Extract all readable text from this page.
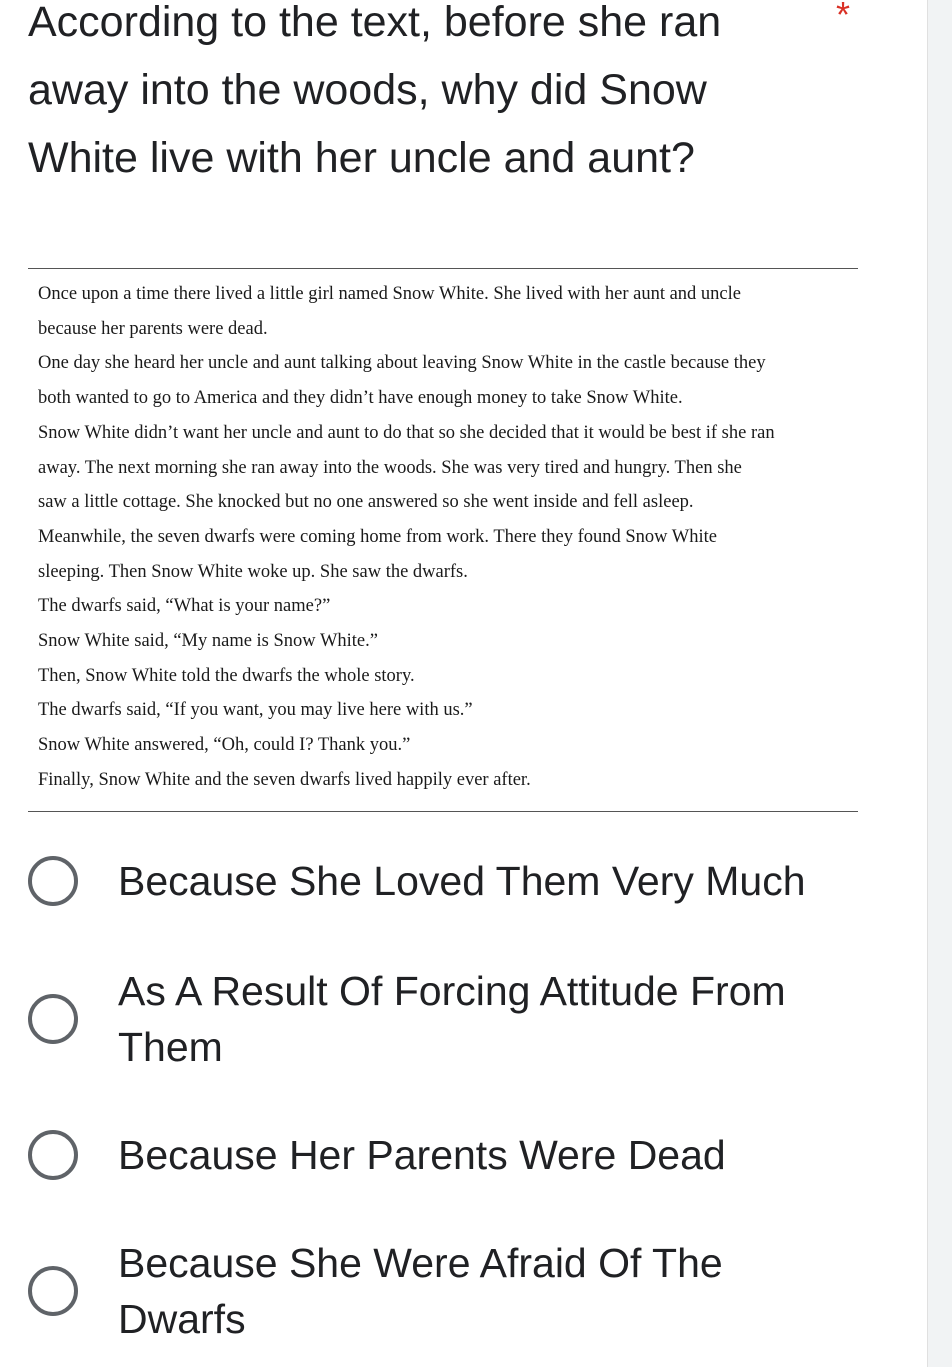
According to the text, before she ran away into the woods, why did Snow White live with her uncle and aunt?
*

Once upon a time there lived a little girl named Snow White. She lived with her aunt and uncle

because her parents were dead.

One day she heard her uncle and aunt talking about leaving Snow White in the castle because they

both wanted to go to America and they didn’t have enough money to take Snow White.

Snow White didn’t want her uncle and aunt to do that so she decided that it would be best if she ran

away. The next morning she ran away into the woods. She was very tired and hungry. Then she

saw a little cottage. She knocked but no one answered so she went inside and fell asleep.

Meanwhile, the seven dwarfs were coming home from work. There they found Snow White

sleeping. Then Snow White woke up. She saw the dwarfs.

The dwarfs said, “What is your name?”

Snow White said, “My name is Snow White.”

Then, Snow White told the dwarfs the whole story.

The dwarfs said, “If you want, you may live here with us.”

Snow White answered, “Oh, could I? Thank you.”

Finally, Snow White and the seven dwarfs lived happily ever after.

Because She Loved Them Very Much
As A Result Of Forcing Attitude From Them
Because Her Parents Were Dead
Because She Were Afraid Of The Dwarfs
